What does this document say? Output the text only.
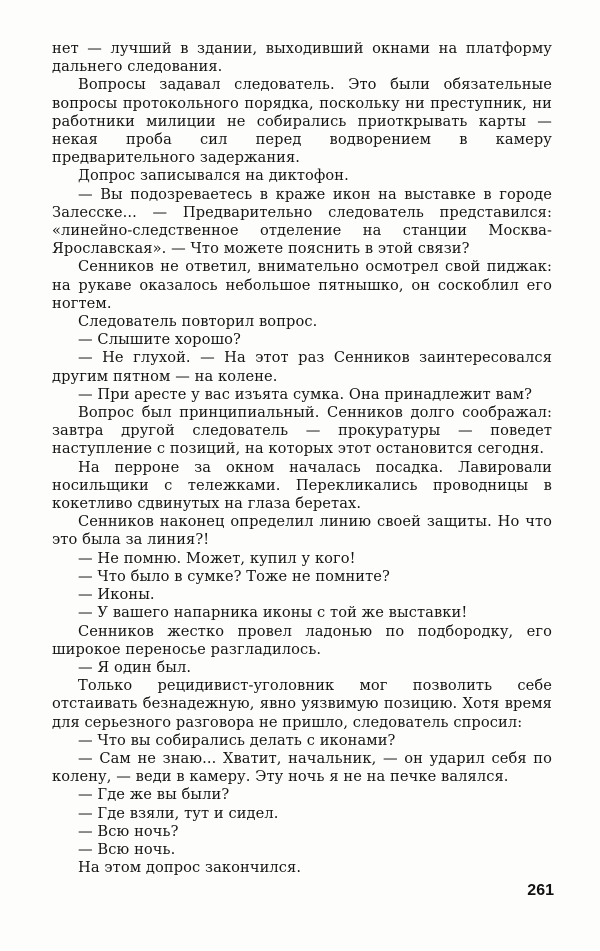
нет — лучший в здании, выходивший окнами на платформу дальнего следования.

Вопросы задавал следователь. Это были обязательные вопросы протокольного порядка, поскольку ни преступник, ни работники милиции не собирались приоткрывать карты — некая проба сил перед водворением в камеру предварительного задержания.

Допрос записывался на диктофон.

— Вы подозреваетесь в краже икон на выставке в городе Залесске... — Предварительно следователь представился: «линейно-следственное отделение на станции Москва-Ярославская». — Что можете пояснить в этой связи?

Сенников не ответил, внимательно осмотрел свой пиджак: на рукаве оказалось небольшое пятнышко, он соскоблил его ногтем.

Следователь повторил вопрос.

— Слышите хорошо?

— Не глухой. — На этот раз Сенников заинтересовался другим пятном — на колене.

— При аресте у вас изъята сумка. Она принадлежит вам?

Вопрос был принципиальный. Сенников долго соображал: завтра другой следователь — прокуратуры — поведет наступление с позиций, на которых этот остановится сегодня.

На перроне за окном началась посадка. Лавировали носильщики с тележками. Перекликались проводницы в кокетливо сдвинутых на глаза беретах.

Сенников наконец определил линию своей защиты. Но что это была за линия?!

— Не помню. Может, купил у кого!

— Что было в сумке? Тоже не помните?

— Иконы.

— У вашего напарника иконы с той же выставки!

Сенников жестко провел ладонью по подбородку, его широкое переносье разгладилось.

— Я один был.

Только рецидивист-уголовник мог позволить себе отстаивать безнадежную, явно уязвимую позицию. Хотя время для серьезного разговора не пришло, следователь спросил:

— Что вы собирались делать с иконами?

— Сам не знаю... Хватит, начальник, — он ударил себя по колену, — веди в камеру. Эту ночь я не на печке валялся.

— Где же вы были?

— Где взяли, тут и сидел.

— Всю ночь?

— Всю ночь.

На этом допрос закончился.

261
